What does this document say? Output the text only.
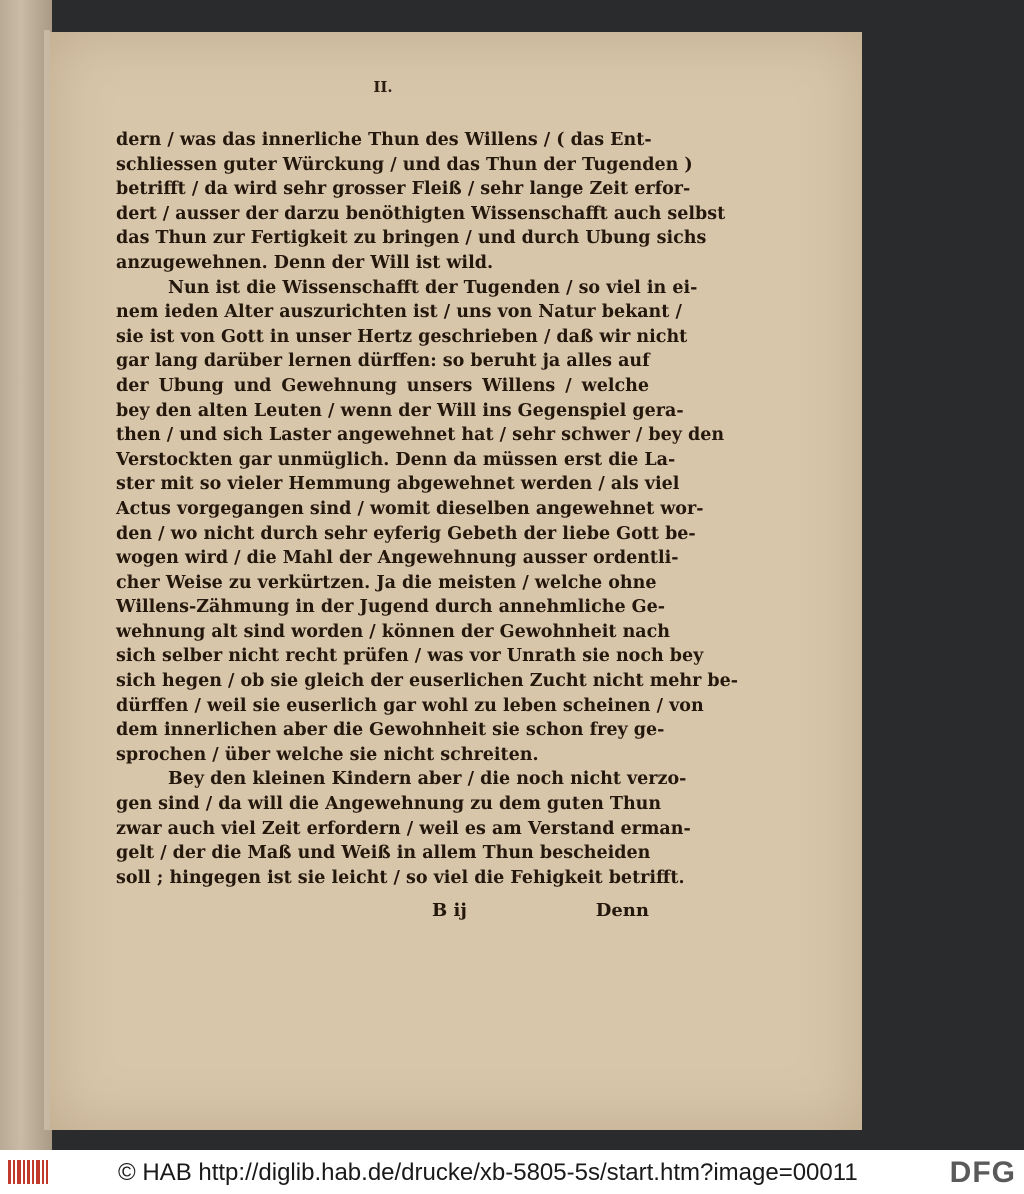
II.
dern / was das innerliche Thun des Willens / ( das Ent-
schliessen guter Würckung / und das Thun der Tugenden )
betrifft / da wird sehr grosser Fleiß / sehr lange Zeit erfor-
dert / ausser der darzu benöthigten Wissenschafft auch selbst
das Thun zur Fertigkeit zu bringen / und durch Ubung sichs
anzugewehnen. Denn der Will ist wild.
Nun ist die Wissenschafft der Tugenden / so viel in ei-
nem ieden Alter auszurichten ist / uns von Natur bekant /
sie ist von Gott in unser Hertz geschrieben / daß wir nicht
gar lang darüber lernen dürffen: so beruht ja alles auf
der Ubung und Gewehnung unsers Willens / welche
bey den alten Leuten / wenn der Will ins Gegenspiel gera-
then / und sich Laster angewehnet hat / sehr schwer / bey den
Verstockten gar unmüglich. Denn da müssen erst die La-
ster mit so vieler Hemmung abgewehnet werden / als viel
Actus vorgegangen sind / womit dieselben angewehnet wor-
den / wo nicht durch sehr eyferig Gebeth der liebe Gott be-
wogen wird / die Mahl der Angewehnung ausser ordentli-
cher Weise zu verkürtzen. Ja die meisten / welche ohne
Willens-Zähmung in der Jugend durch annehmliche Ge-
wehnung alt sind worden / können der Gewohnheit nach
sich selber nicht recht prüfen / was vor Unrath sie noch bey
sich hegen / ob sie gleich der euserlichen Zucht nicht mehr be-
dürffen / weil sie euserlich gar wohl zu leben scheinen / von
dem innerlichen aber die Gewohnheit sie schon frey ge-
sprochen / über welche sie nicht schreiten.
Bey den kleinen Kindern aber / die noch nicht verzo-
gen sind / da will die Angewehnung zu dem guten Thun
zwar auch viel Zeit erfordern / weil es am Verstand erman-
gelt / der die Maß und Weiß in allem Thun bescheiden
soll ; hingegen ist sie leicht / so viel die Fehigkeit betrifft.
B ij	Denn
© HAB http://diglib.hab.de/drucke/xb-5805-5s/start.htm?image=00011	DFG
